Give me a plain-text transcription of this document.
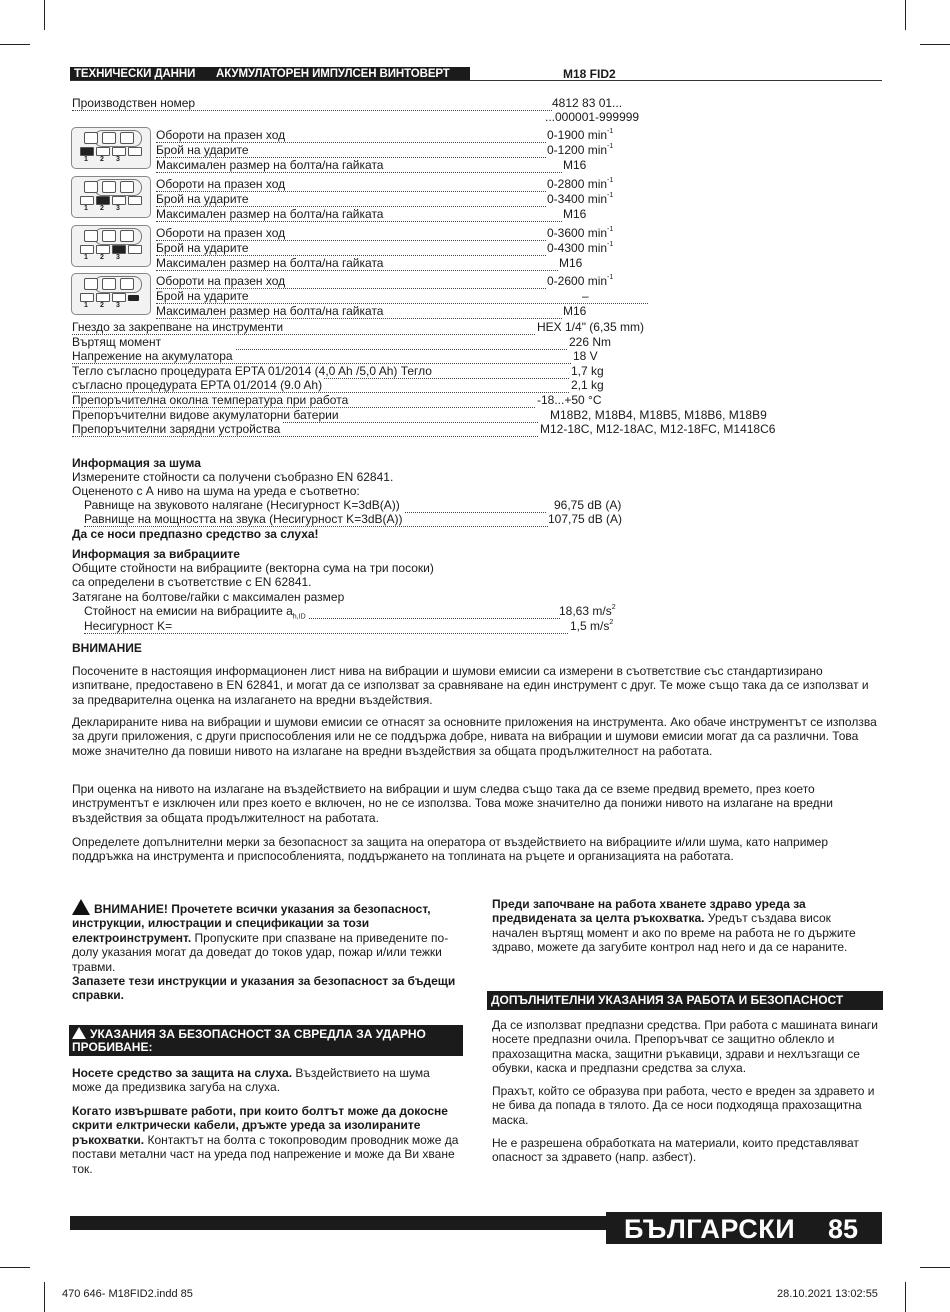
ТЕХНИЧЕСКИ ДАННИ АКУМУЛАТОРЕН ИМПУЛСЕН ВИНТОВЕРТ	M18 FID2
Производствен номер	4812 83 01...
...000001-999999
1 2 3
Обороти на празен ход	0-1900 $\min^{-1}$
Брой на ударите	0-1200 $\min^{-1}$
Максимален размер на болта/на гайката	M16
1 2 3
Обороти на празен ход	0-2800 $\min^{-1}$
Брой на ударите	0-3400 $\min^{-1}$
Максимален размер на болта/на гайката	M16
1 2 3
Обороти на празен ход	0-3600 $\min^{-1}$
Брой на ударите	0-4300 $\min^{-1}$
Максимален размер на болта/на гайката	M16
1 2 3
Обороти на празен ход	0-2600 $\min^{-1}$
Брой на ударите	–
Максимален размер на болта/на гайката	M16
Гнездо за закрепване на инструменти	HEX 1/4" (6,35 mm)
Въртящ момент	226 Nm
Напрежение на акумулатора	18 V
Тегло съгласно процедурата EPTA 01/2014 (4,0 Ah /5,0 Ah) Тегло	1,7 kg
съгласно процедурата EPTA 01/2014 (9.0 Ah)	2,1 kg
Препоръчителна околна температура при работа	-18...+50 °C
Препоръчителни видове акумулаторни батерии	M18B2, M18B4, M18B5, M18B6, M18B9
Препоръчителни зарядни устройства	M12-18C, M12-18AC, M12-18FC, M1418C6
Информация за шума
Измерените стойности са получени съобразно EN 62841.
Оцененото с А ниво на шума на уреда е съответно:
Равнище на звуковото налягане (Несигурност K=3dB(A))	96,75 dB (A)
Равнище на мощността на звука (Несигурност K=3dB(A))	107,75 dB (A)
Да се носи предпазно средство за слуха!
Информация за вибрациите
Общите стойности на вибрациите (векторна сума на три посоки)
са определени в съответствие с EN 62841.
Затягане на болтове/гайки с максимален размер
Стойност на емисии на вибрациите $a_{h,ID}$	18,63 $m/s^2$
Несигурност K=	1,5 $m/s^2$
ВНИМАНИЕ
Посочените в настоящия информационен лист нива на вибрации и шумови емисии са измерени в съответствие със стандартизирано изпитване, предоставено в EN 62841, и могат да се използват за сравняване на един инструмент с друг. Те може също така да се използват и за предварителна оценка на излагането на вредни въздействия.
Декларираните нива на вибрации и шумови емисии се отнасят за основните приложения на инструмента. Ако обаче инструментът се използва за други приложения, с други приспособления или не се поддържа добре, нивата на вибрации и шумови емисии могат да са различни. Това може значително да повиши нивото на излагане на вредни въздействия за общата продължителност на работата.
При оценка на нивото на излагане на въздействието на вибрации и шум следва също така да се вземе предвид времето, през което инструментът е изключен или през което е включен, но не се използва. Това може значително да понижи нивото на излагане на вредни въздействия за общата продължителност на работата.
Определете допълнителни мерки за безопасност за защита на оператора от въздействието на вибрациите и/или шума, като например поддръжка на инструмента и приспособленията, поддържането на топлината на ръцете и организацията на работата.
ВНИМАНИЕ! Прочетете всички указания за безопасност, инструкции, илюстрации и спецификации за този електроинструмент. Пропуските при спазване на приведените по-долу указания могат да доведат до токов удар, пожар и/или тежки травми.
Запазете тези инструкции и указания за безопасност за бъдещи справки.
УКАЗАНИЯ ЗА БЕЗОПАСНОСТ ЗА СВРЕДЛА ЗА УДАРНО ПРОБИВАНЕ:
Носете средство за защита на слуха. Въздействието на шума може да предизвика загуба на слуха.
Когато извършвате работи, при които болтът може да докосне скрити елктрически кабели, дръжте уреда за изолираните ръкохватки. Контактът на болта с токопроводим проводник може да постави метални част на уреда под напрежение и може да Ви хване ток.
Преди започване на работа хванете здраво уреда за предвидената за целта ръкохватка. Уредът създава висок начален въртящ момент и ако по време на работа не го държите здраво, можете да загубите контрол над него и да се нараните.
ДОПЪЛНИТЕЛНИ УКАЗАНИЯ ЗА РАБОТА И БЕЗОПАСНОСТ
Да се използват предпазни средства. При работа с машината винаги носете предпазни очила. Препоръчват се защитно облекло и прахозащитна маска, защитни ръкавици, здрави и нехлъзгащи се обувки, каска и предпазни средства за слуха.
Прахът, който се образува при работа, често е вреден за здравето и не бива да попада в тялото. Да се носи подходяща прахозащитна маска.
Не е разрешена обработката на материали, които представляват опасност за здравето (напр. азбест).
БЪЛГАРСКИ 85
470 646- M18FID2.indd 85	28.10.2021 13:02:55
